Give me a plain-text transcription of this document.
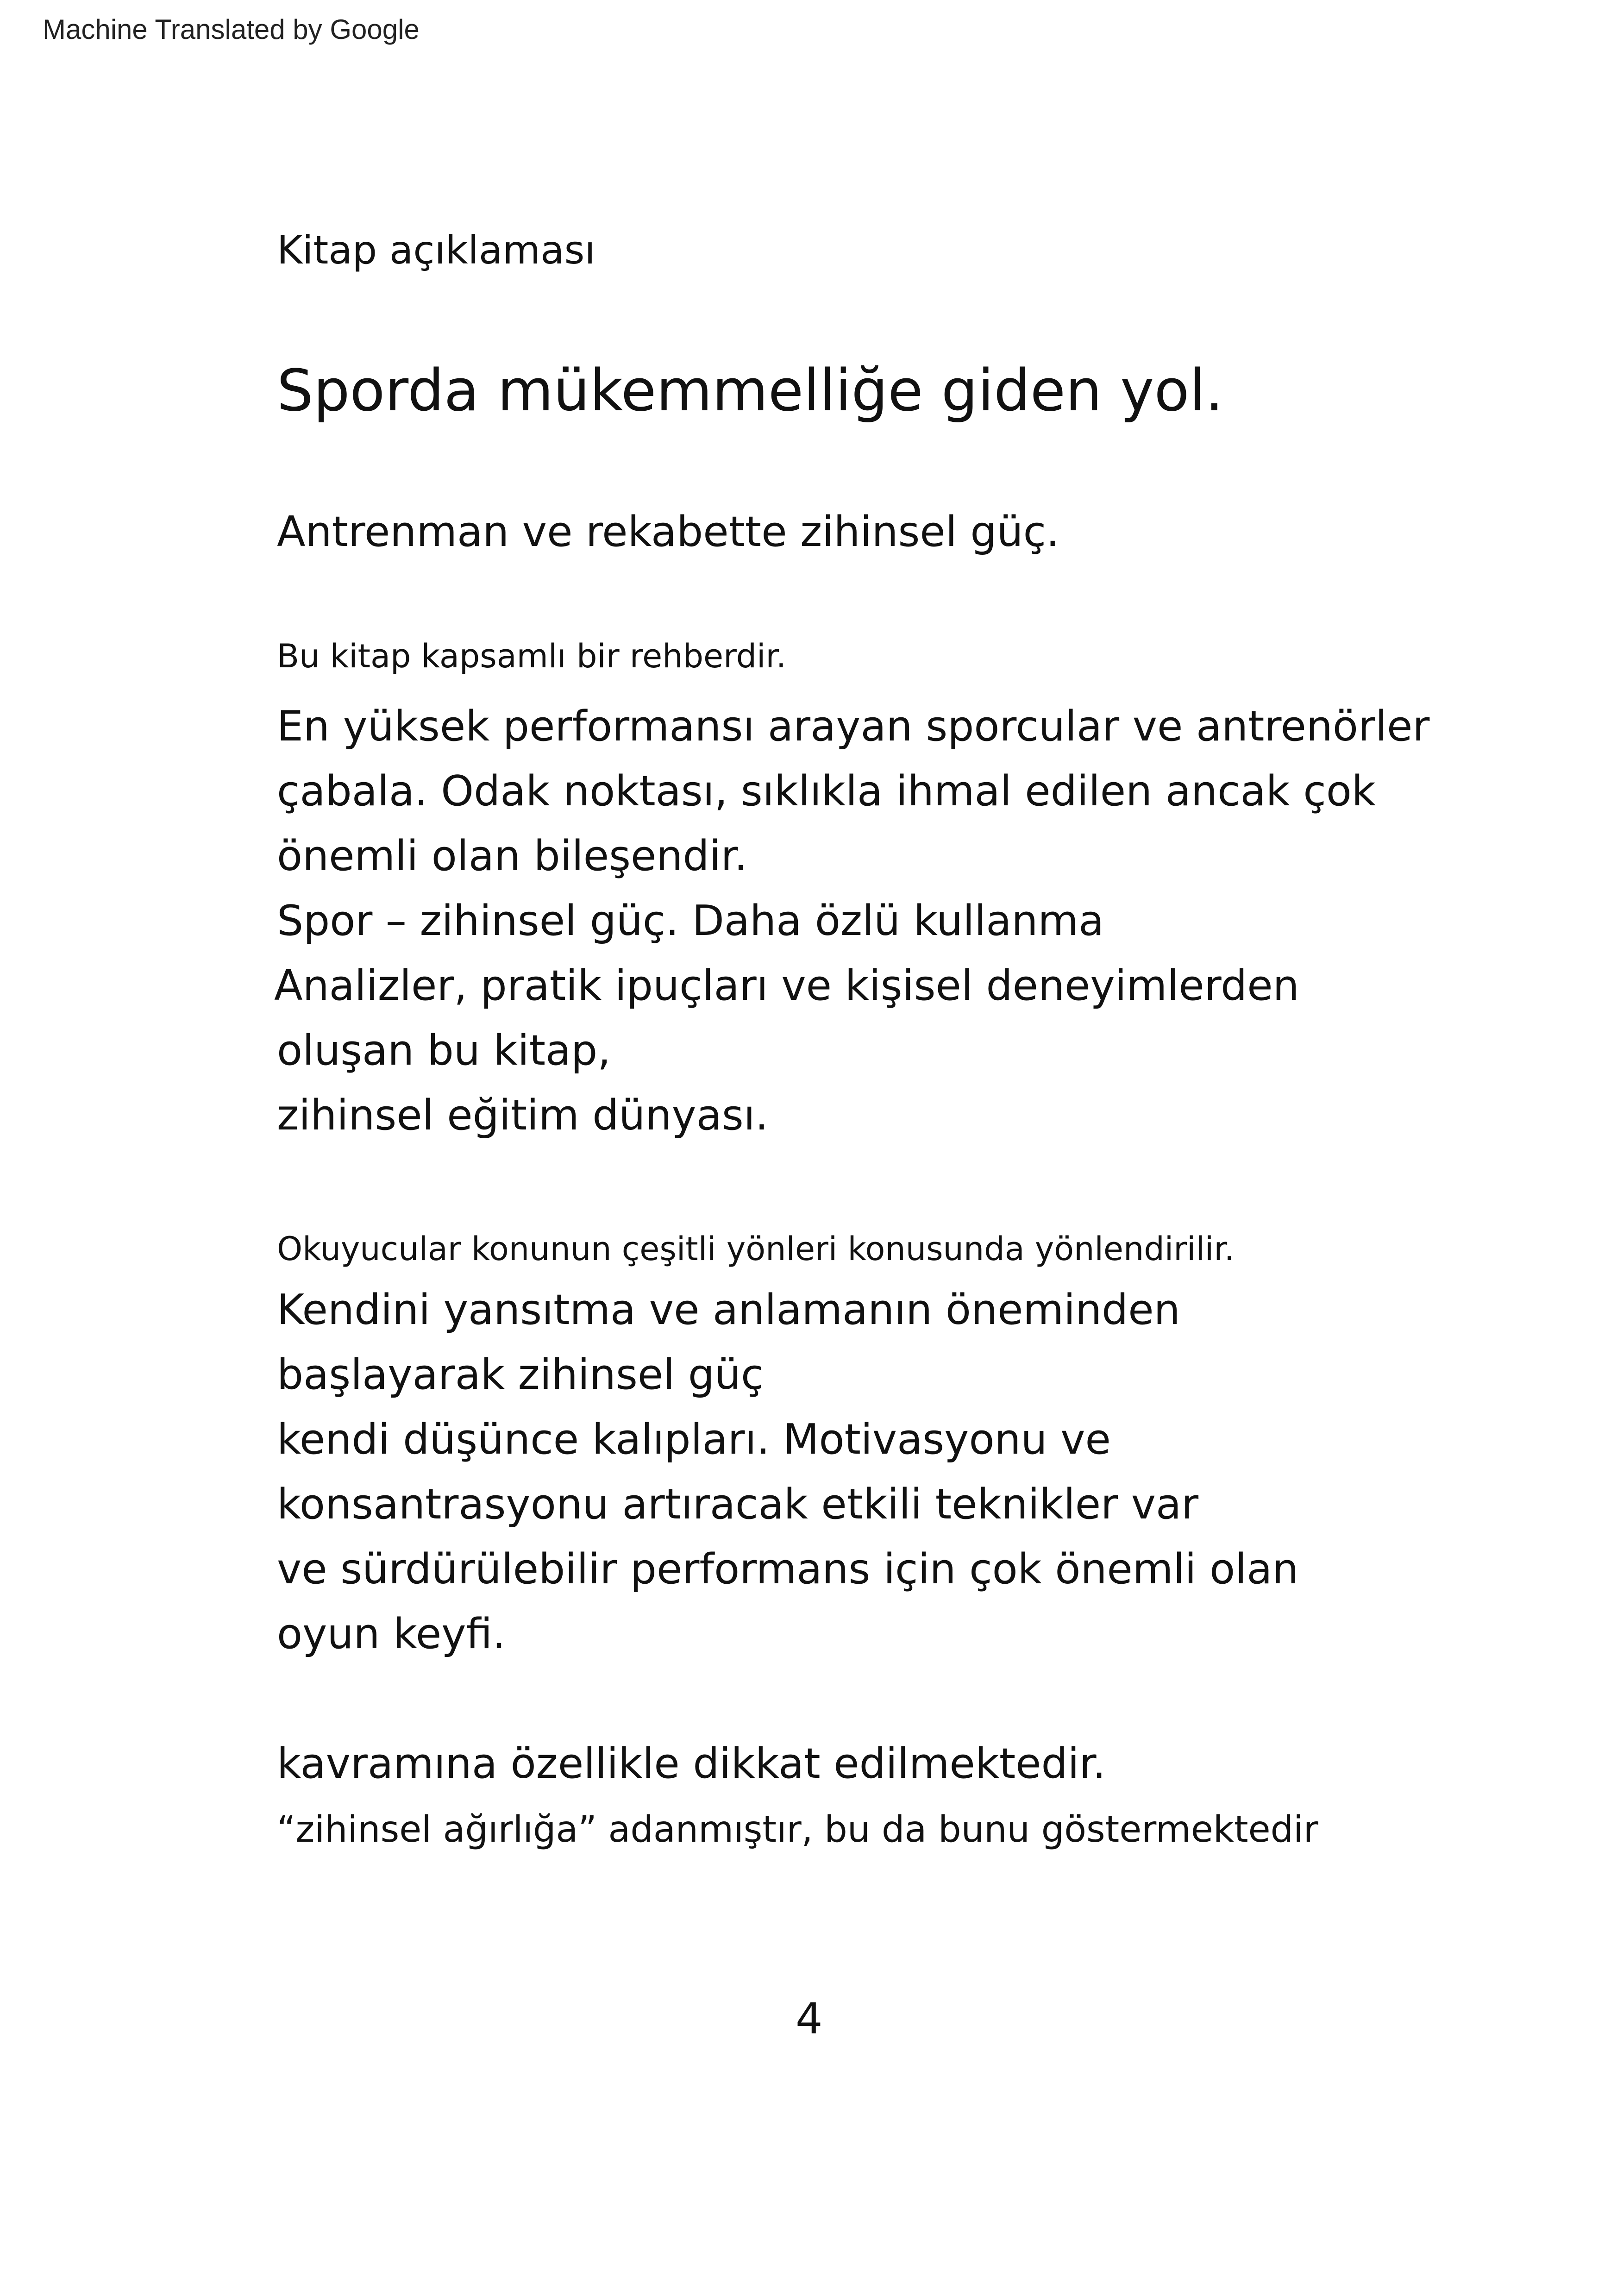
Machine Translated by Google
Kitap açıklaması
Sporda mükemmelliğe giden yol.
Antrenman ve rekabette zihinsel güç.
Bu kitap kapsamlı bir rehberdir.
En yüksek performansı arayan sporcular ve antrenörler
çabala. Odak noktası, sıklıkla ihmal edilen ancak çok
önemli olan bileşendir.
Spor – zihinsel güç. Daha özlü kullanma
Analizler, pratik ipuçları ve kişisel deneyimlerden
oluşan bu kitap,
zihinsel eğitim dünyası.
Okuyucular konunun çeşitli yönleri konusunda yönlendirilir.
Kendini yansıtma ve anlamanın öneminden
başlayarak zihinsel güç
kendi düşünce kalıpları. Motivasyonu ve
konsantrasyonu artıracak etkili teknikler var
ve sürdürülebilir performans için çok önemli olan
oyun keyfi.
kavramına özellikle dikkat edilmektedir.
“zihinsel ağırlığa” adanmıştır, bu da bunu göstermektedir
4
